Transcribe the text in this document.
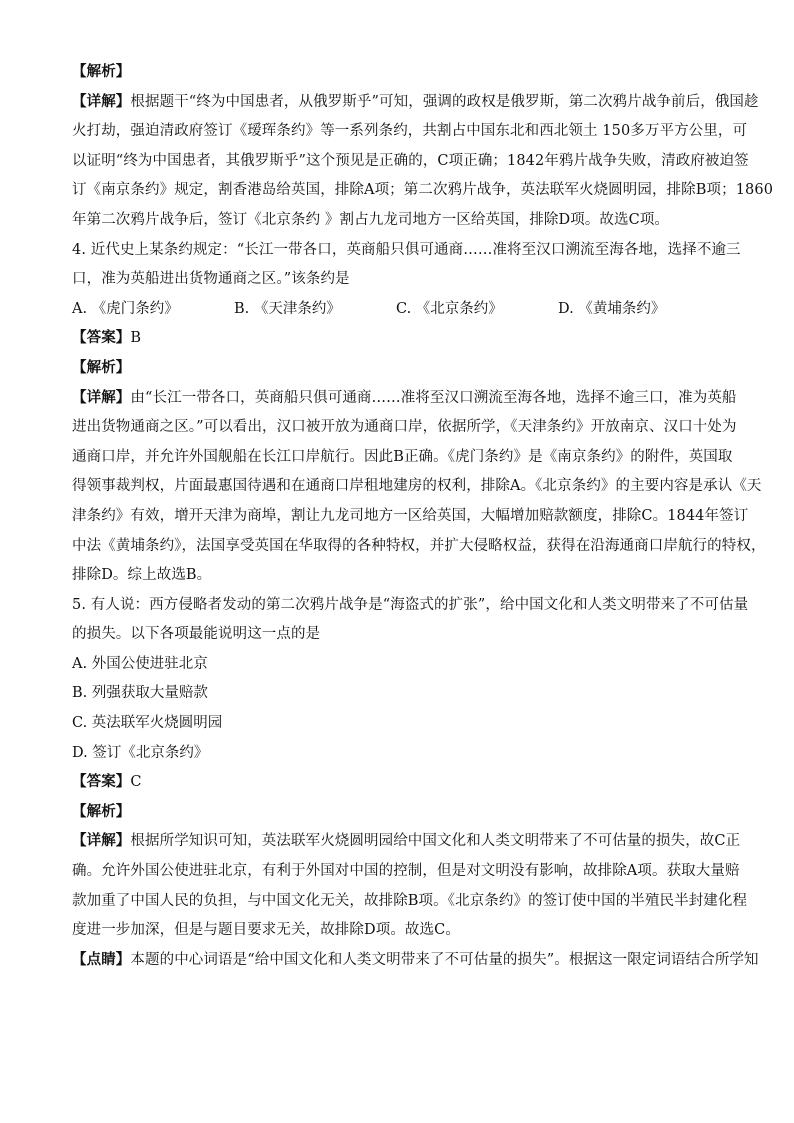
【解析】
【详解】根据题干“终为中国患者，从俄罗斯乎”可知，强调的政权是俄罗斯，第二次鸦片战争前后，俄国趁
火打劫，强迫清政府签订《瑷珲条约》等一系列条约，共割占中国东北和西北领土 150多万平方公里，可
以证明“终为中国患者，其俄罗斯乎”这个预见是正确的，C项正确；1842年鸦片战争失败，清政府被迫签
订《南京条约》规定，割香港岛给英国，排除A项；第二次鸦片战争，英法联军火烧圆明园，排除B项；1860
年第二次鸦片战争后，签订《北京条约 》割占九龙司地方一区给英国，排除D项。故选C项。
4. 近代史上某条约规定：“长江一带各口，英商船只俱可通商……准将至汉口溯流至海各地，选择不逾三
口，准为英船进出货物通商之区。”该条约是
A. 《虎门条约》	B. 《天津条约》	C. 《北京条约》	D. 《黄埔条约》
【答案】B
【解析】
【详解】由“长江一带各口，英商船只俱可通商……准将至汉口溯流至海各地，选择不逾三口，准为英船
进出货物通商之区。”可以看出，汉口被开放为通商口岸，依据所学，《天津条约》开放南京、汉口十处为
通商口岸，并允许外国舰船在长江口岸航行。因此B正确。《虎门条约》是《南京条约》的附件，英国取
得领事裁判权，片面最惠国待遇和在通商口岸租地建房的权利，排除A。《北京条约》的主要内容是承认《天
津条约》有效，增开天津为商埠，割让九龙司地方一区给英国，大幅增加赔款额度，排除C。1844年签订
中法《黄埔条约》，法国享受英国在华取得的各种特权，并扩大侵略权益，获得在沿海通商口岸航行的特权，
排除D。综上故选B。
5. 有人说：西方侵略者发动的第二次鸦片战争是“海盗式的扩张”，给中国文化和人类文明带来了不可估量
的损失。以下各项最能说明这一点的是
A. 外国公使进驻北京
B. 列强获取大量赔款
C. 英法联军火烧圆明园
D. 签订《北京条约》
【答案】C
【解析】
【详解】根据所学知识可知，英法联军火烧圆明园给中国文化和人类文明带来了不可估量的损失，故C正
确。允许外国公使进驻北京，有利于外国对中国的控制，但是对文明没有影响，故排除A项。获取大量赔
款加重了中国人民的负担，与中国文化无关，故排除B项。《北京条约》的签订使中国的半殖民半封建化程
度进一步加深，但是与题目要求无关，故排除D项。故选C。
【点睛】本题的中心词语是“给中国文化和人类文明带来了不可估量的损失”。根据这一限定词语结合所学知
